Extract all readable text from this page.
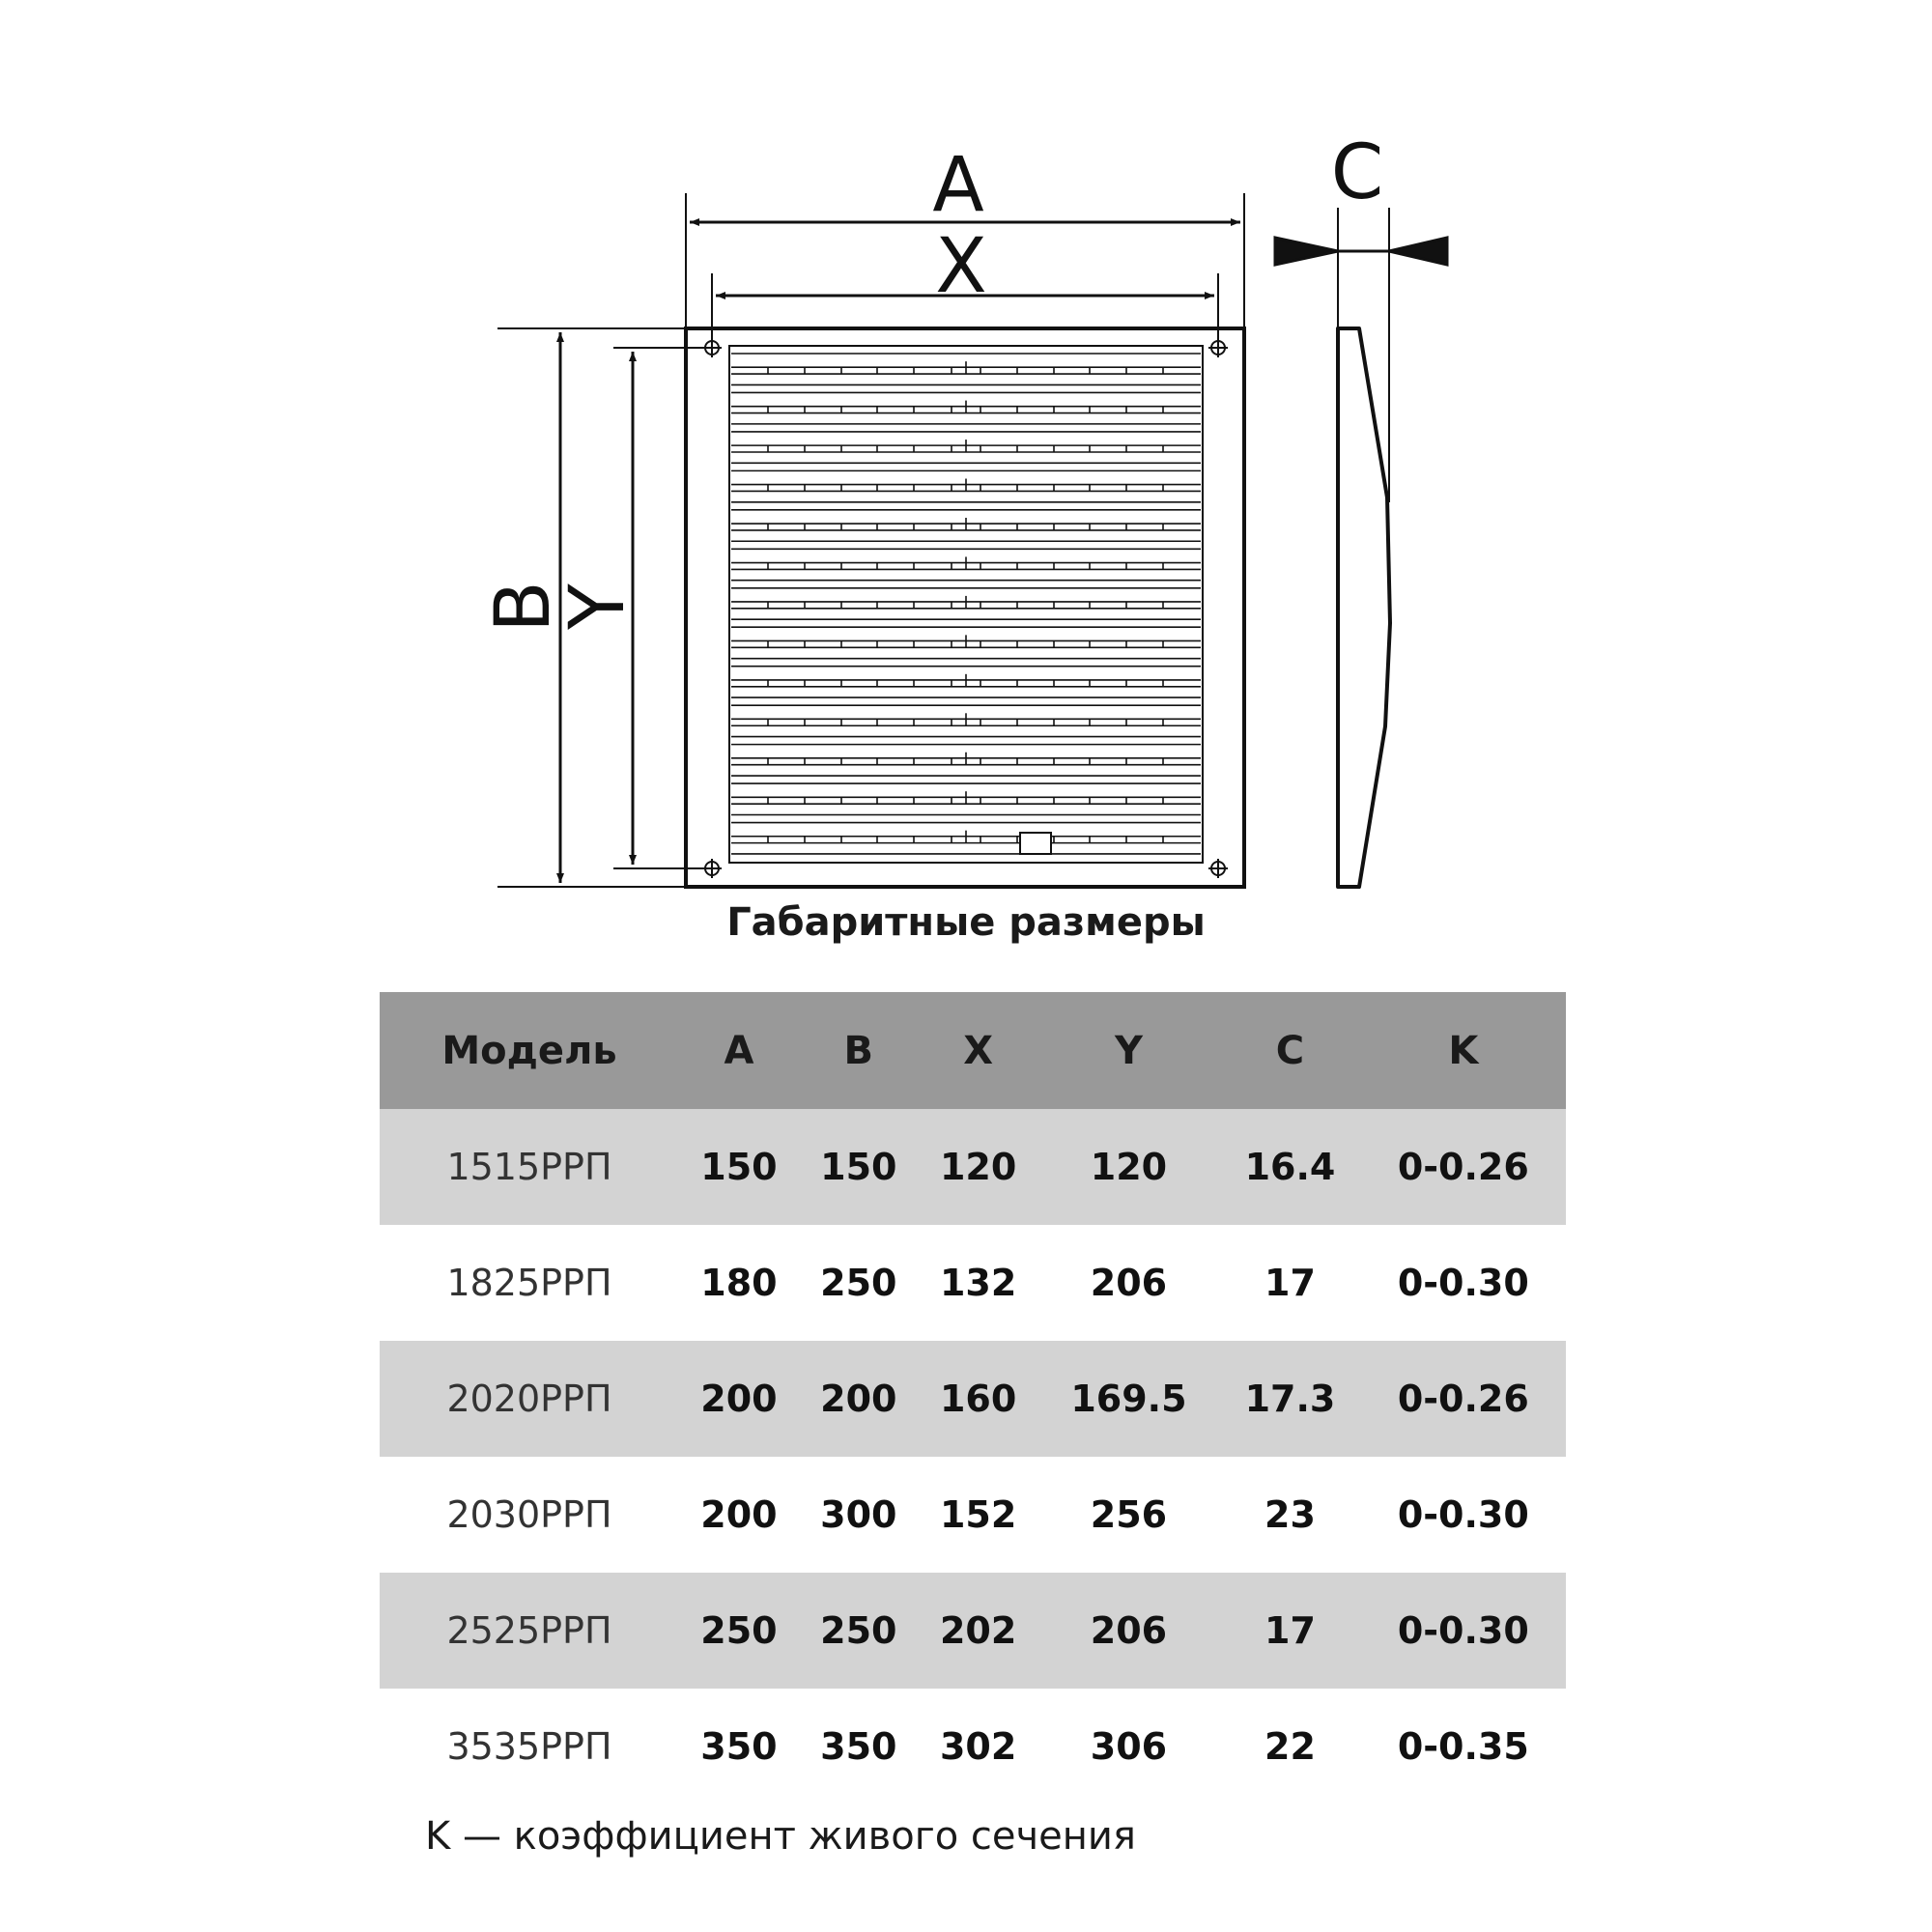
A
X
C
B
Y
Габаритные размеры
Модель	A	B	X	Y	C	K
1515РРП	150	150	120	120	16.4	0-0.26
1825РРП	180	250	132	206	17	0-0.30
2020РРП	200	200	160	169.5	17.3	0-0.26
2030РРП	200	300	152	256	23	0-0.30
2525РРП	250	250	202	206	17	0-0.30
3535РРП	350	350	302	306	22	0-0.35
K — коэффициент живого сечения
